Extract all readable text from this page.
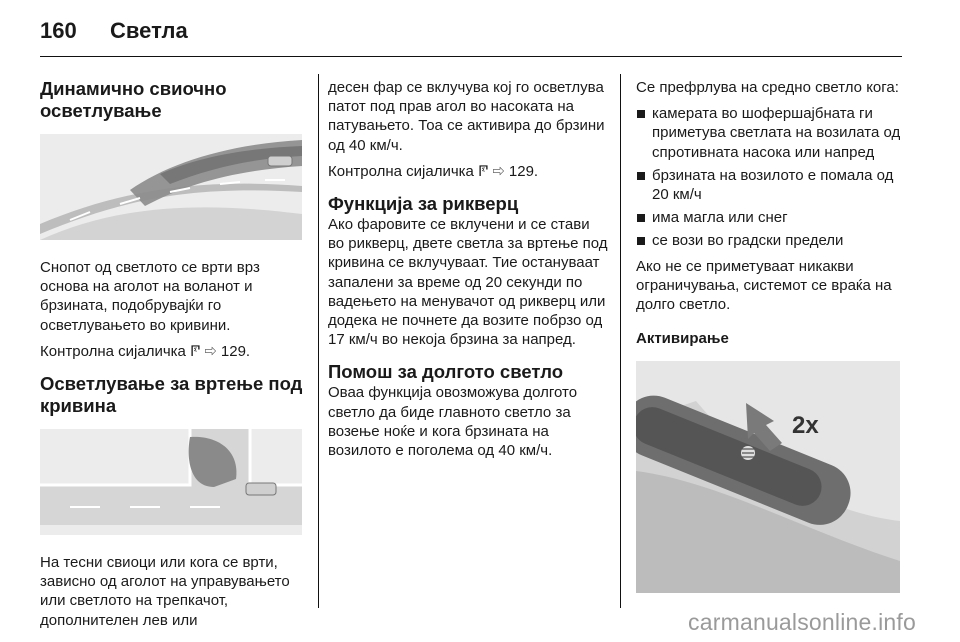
160 Светла
Динамично свиочно осветлување

Снопот од светлото се врти врз основа на аголот на воланот и брзината, подобрувајќи го осветлувањето во кривини.

Контролна сијаличка 𐅏 ⇨ 129.

Осветлување за вртење под кривина

На тесни свиоци или кога се врти, зависно од аголот на управувањето или светлото на трепкачот, дополнителен лев или

десен фар се вклучува кој го осветлува патот под прав агол во насоката на патувањето. Тоа се активира до брзини од 40 км/ч.

Контролна сијаличка 𐅏 ⇨ 129.

Функција за рикверц

Ако фаровите се вклучени и се стави во рикверц, двете светла за вртење под кривина се вклучуваат. Тие остануваат запалени за време од 20 секунди по вадењето на менувачот од рикверц или додека не почнете да возите побрзо од 17 км/ч во некоја брзина за напред.

Помош за долгото светло

Оваа функција овозможува долгото светло да биде главното светло за возење ноќе и кога брзината на возилото е поголема од 40 км/ч.

Се префрлува на средно светло кога:

камерата во шофершајбната ги приметува светлата на возилата од спротивната насока или напред
брзината на возилото е помала од 20 км/ч
има магла или снег
се вози во градски предели

Ако не се приметуваат никакви ограничувања, системот се враќа на долго светло.

Активирање
2x
carmanualsonline.info
